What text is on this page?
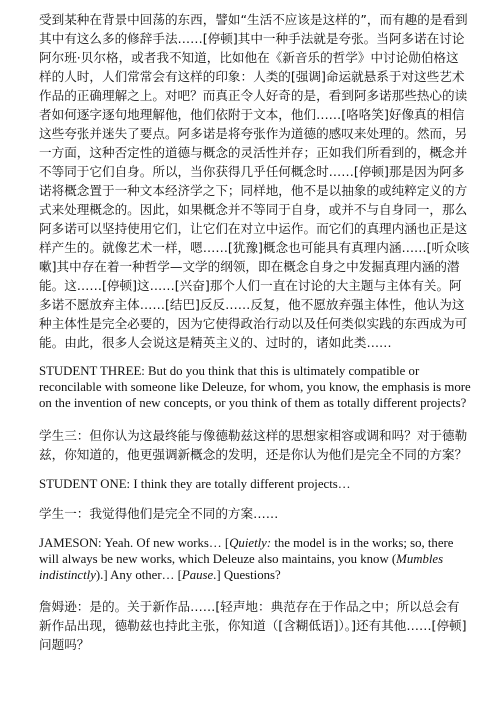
受到某种在背景中回荡的东西，譬如“生活不应该是这样的”，而有趣的是看到其中有这么多的修辞手法……[停顿]其中一种手法就是夸张。当阿多诺在讨论阿尔班·贝尔格，或者我不知道，比如他在《新音乐的哲学》中讨论勋伯格这样的人时，人们常常会有这样的印象：人类的[强调]命运就悬系于对这些艺术作品的正确理解之上。对吧？而真正令人好奇的是，看到阿多诺那些热心的读者如何逐字逐句地理解他，他们依附于文本，他们……[咯咯笑]好像真的相信这些夸张并迷失了要点。阿多诺是将夸张作为道德的感叹来处理的。然而，另一方面，这种否定性的道德与概念的灵活性并存；正如我们所看到的，概念并不等同于它们自身。所以，当你获得几乎任何概念时……[停顿]那是因为阿多诺将概念置于一种文本经济学之下；同样地，他不是以抽象的或纯粹定义的方式来处理概念的。因此，如果概念并不等同于自身，或并不与自身同一，那么阿多诺可以坚持使用它们，让它们在对立中运作。而它们的真理内涵也正是这样产生的。就像艺术一样，嗯……[犹豫]概念也可能具有真理内涵……[听众咳嗽]其中存在着一种哲学—文学的纲领，即在概念自身之中发掘真理内涵的潜能。这……[停顿]这……[兴奋]那个人们一直在讨论的大主题与主体有关。阿多诺不愿放弃主体……[结巴]反反……反复，他不愿放弃强主体性，他认为这种主体性是完全必要的，因为它使得政治行动以及任何类似实践的东西成为可能。由此，很多人会说这是精英主义的、过时的，诸如此类……

STUDENT THREE: But do you think that this is ultimately compatible or reconcilable with someone like Deleuze, for whom, you know, the emphasis is more on the invention of new concepts, or you think of them as totally different projects?

学生三：但你认为这最终能与像德勒兹这样的思想家相容或调和吗？对于德勒兹，你知道的，他更强调新概念的发明，还是你认为他们是完全不同的方案？

STUDENT ONE: I think they are totally different projects…

学生一：我觉得他们是完全不同的方案……

JAMESON: Yeah. Of new works… [Quietly: the model is in the works; so, there will always be new works, which Deleuze also maintains, you know (Mumbles indistinctly).] Any other… [Pause.] Questions?

詹姆逊：是的。关于新作品……[轻声地：典范存在于作品之中；所以总会有新作品出现，德勒兹也持此主张，你知道（[含糊低语]）。]还有其他……[停顿]问题吗？
